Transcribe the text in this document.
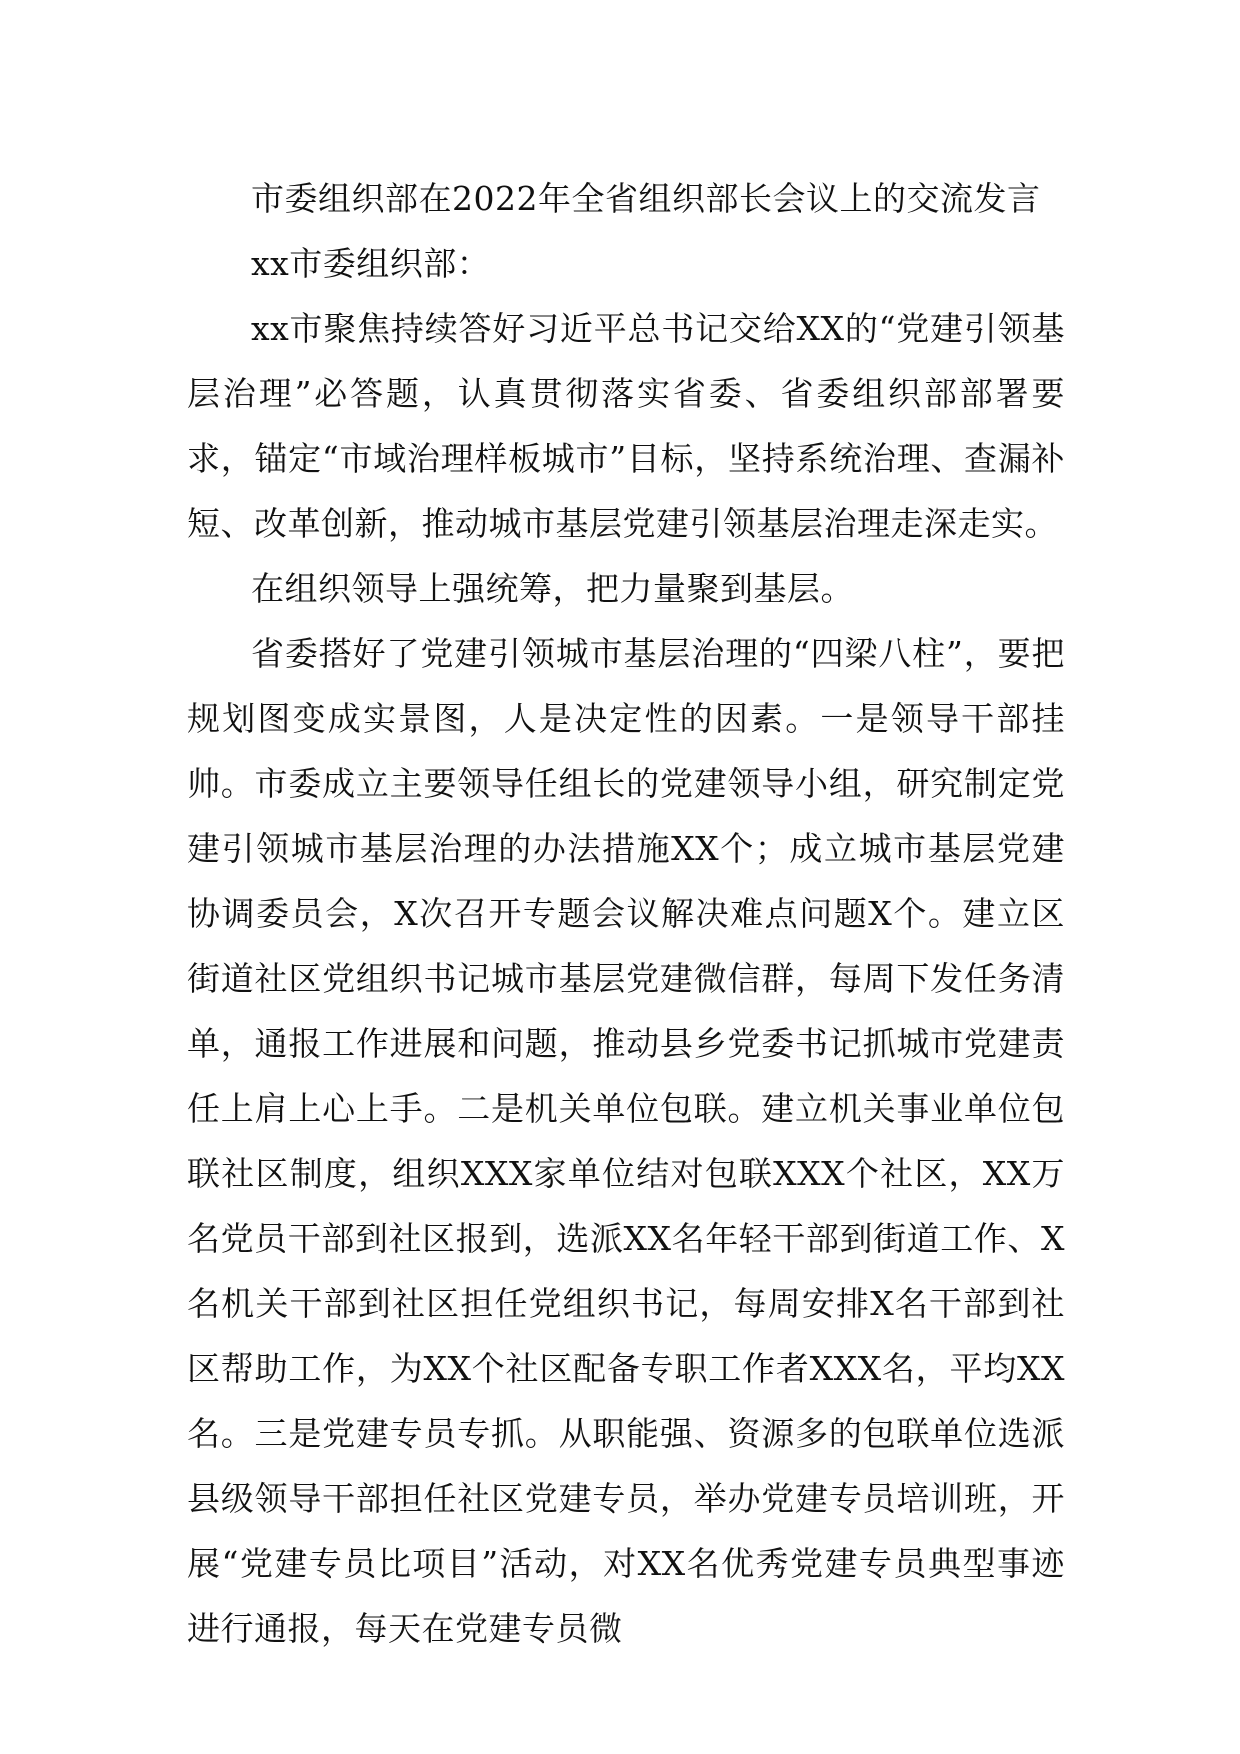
市委组织部在2022年全省组织部长会议上的交流发言

xx市委组织部：

xx市聚焦持续答好习近平总书记交给XX的“党建引领基层治理”必答题，认真贯彻落实省委、省委组织部部署要求，锚定“市域治理样板城市”目标，坚持系统治理、查漏补短、改革创新，推动城市基层党建引领基层治理走深走实。

在组织领导上强统筹，把力量聚到基层。

省委搭好了党建引领城市基层治理的“四梁八柱”，要把规划图变成实景图，人是决定性的因素。一是领导干部挂帅。市委成立主要领导任组长的党建领导小组，研究制定党建引领城市基层治理的办法措施XX个；成立城市基层党建协调委员会，X次召开专题会议解决难点问题X个。建立区街道社区党组织书记城市基层党建微信群，每周下发任务清单，通报工作进展和问题，推动县乡党委书记抓城市党建责任上肩上心上手。二是机关单位包联。建立机关事业单位包联社区制度，组织XXX家单位结对包联XXX个社区，XX万名党员干部到社区报到，选派XX名年轻干部到街道工作、X名机关干部到社区担任党组织书记，每周安排X名干部到社区帮助工作，为XX个社区配备专职工作者XXX名，平均XX名。三是党建专员专抓。从职能强、资源多的包联单位选派县级领导干部担任社区党建专员，举办党建专员培训班，开展“党建专员比项目”活动，对XX名优秀党建专员典型事迹进行通报，每天在党建专员微
